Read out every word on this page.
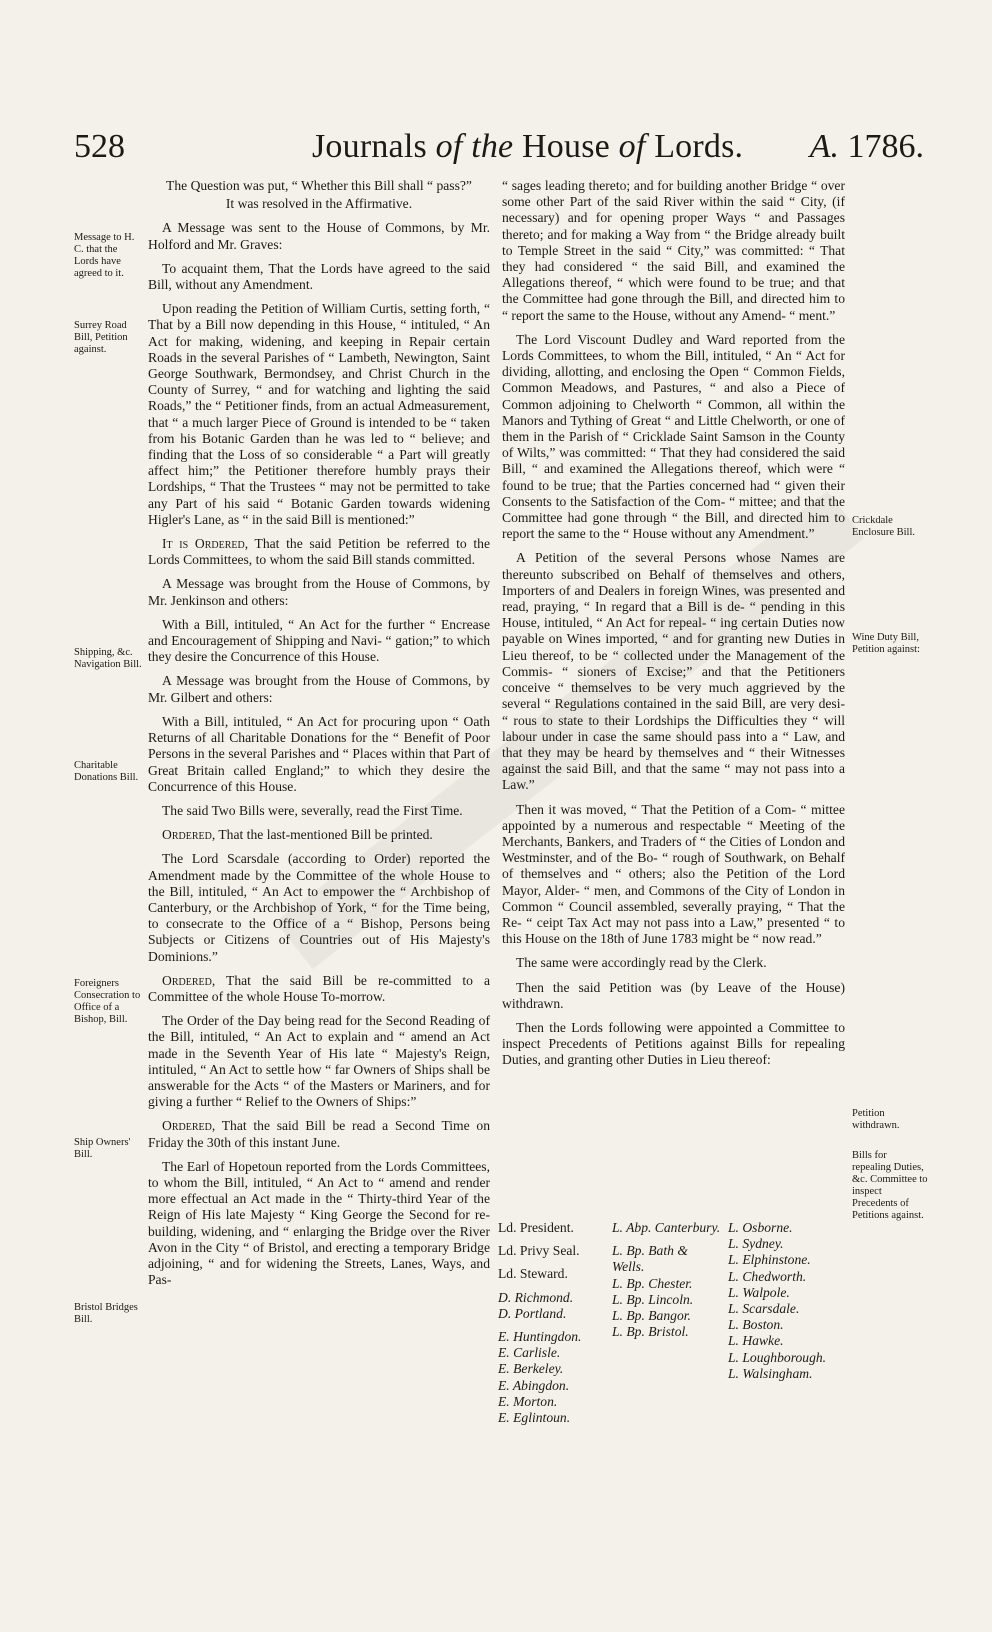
528	Journals of the House of Lords. A. 1786.
Message to H. C. that the Lords have agreed to it.
Surrey Road Bill, Petition against.
Shipping, &c. Navigation Bill.
Charitable Donations Bill.
Foreigners Consecration to Office of a Bishop, Bill.
Ship Owners' Bill.
Bristol Bridges Bill.
Crickdale Enclosure Bill.
Wine Duty Bill, Petition against:
Petition withdrawn.
Bills for repealing Duties, &c. Committee to inspect Precedents of Petitions against.

The Question was put, “ Whether this Bill shall “ pass?”

It was resolved in the Affirmative.

A Message was sent to the House of Commons, by Mr. Holford and Mr. Graves:

To acquaint them, That the Lords have agreed to the said Bill, without any Amendment.

Upon reading the Petition of William Curtis, setting forth, “ That by a Bill now depending in this House, “ intituled, “ An Act for making, widening, and keeping in Repair certain Roads in the several Parishes of “ Lambeth, Newington, Saint George Southwark, Bermondsey, and Christ Church in the County of Surrey, “ and for watching and lighting the said Roads,” the “ Petitioner finds, from an actual Admeasurement, that “ a much larger Piece of Ground is intended to be “ taken from his Botanic Garden than he was led to “ believe; and finding that the Loss of so considerable “ a Part will greatly affect him;” the Petitioner therefore humbly prays their Lordships, “ That the Trustees “ may not be permitted to take any Part of his said “ Botanic Garden towards widening Higler's Lane, as “ in the said Bill is mentioned:”

It is Ordered, That the said Petition be referred to the Lords Committees, to whom the said Bill stands committed.

A Message was brought from the House of Commons, by Mr. Jenkinson and others:

With a Bill, intituled, “ An Act for the further “ Encrease and Encouragement of Shipping and Navi- “ gation;” to which they desire the Concurrence of this House.

A Message was brought from the House of Commons, by Mr. Gilbert and others:

With a Bill, intituled, “ An Act for procuring upon “ Oath Returns of all Charitable Donations for the “ Benefit of Poor Persons in the several Parishes and “ Places within that Part of Great Britain called England;” to which they desire the Concurrence of this House.

The said Two Bills were, severally, read the First Time.

Ordered, That the last-mentioned Bill be printed.

The Lord Scarsdale (according to Order) reported the Amendment made by the Committee of the whole House to the Bill, intituled, “ An Act to empower the “ Archbishop of Canterbury, or the Archbishop of York, “ for the Time being, to consecrate to the Office of a “ Bishop, Persons being Subjects or Citizens of Countries out of His Majesty's Dominions.”

Ordered, That the said Bill be re-committed to a Committee of the whole House To-morrow.

The Order of the Day being read for the Second Reading of the Bill, intituled, “ An Act to explain and “ amend an Act made in the Seventh Year of His late “ Majesty's Reign, intituled, “ An Act to settle how “ far Owners of Ships shall be answerable for the Acts “ of the Masters or Mariners, and for giving a further “ Relief to the Owners of Ships:”

Ordered, That the said Bill be read a Second Time on Friday the 30th of this instant June.

The Earl of Hopetoun reported from the Lords Committees, to whom the Bill, intituled, “ An Act to “ amend and render more effectual an Act made in the “ Thirty-third Year of the Reign of His late Majesty “ King George the Second for re-building, widening, and “ enlarging the Bridge over the River Avon in the City “ of Bristol, and erecting a temporary Bridge adjoining, “ and for widening the Streets, Lanes, Ways, and Pas-

“ sages leading thereto; and for building another Bridge “ over some other Part of the said River within the said “ City, (if necessary) and for opening proper Ways “ and Passages thereto; and for making a Way from “ the Bridge already built to Temple Street in the said “ City,” was committed: “ That they had considered “ the said Bill, and examined the Allegations thereof, “ which were found to be true; and that the Committee had gone through the Bill, and directed him to “ report the same to the House, without any Amend- “ ment.”

The Lord Viscount Dudley and Ward reported from the Lords Committees, to whom the Bill, intituled, “ An “ Act for dividing, allotting, and enclosing the Open “ Common Fields, Common Meadows, and Pastures, “ and also a Piece of Common adjoining to Chelworth “ Common, all within the Manors and Tything of Great “ and Little Chelworth, or one of them in the Parish of “ Cricklade Saint Samson in the County of Wilts,” was committed: “ That they had considered the said Bill, “ and examined the Allegations thereof, which were “ found to be true; that the Parties concerned had “ given their Consents to the Satisfaction of the Com- “ mittee; and that the Committee had gone through “ the Bill, and directed him to report the same to the “ House without any Amendment.”

A Petition of the several Persons whose Names are thereunto subscribed on Behalf of themselves and others, Importers of and Dealers in foreign Wines, was presented and read, praying, “ In regard that a Bill is de- “ pending in this House, intituled, “ An Act for repeal- “ ing certain Duties now payable on Wines imported, “ and for granting new Duties in Lieu thereof, to be “ collected under the Management of the Commis- “ sioners of Excise;” and that the Petitioners conceive “ themselves to be very much aggrieved by the several “ Regulations contained in the said Bill, are very desi- “ rous to state to their Lordships the Difficulties they “ will labour under in case the same should pass into a “ Law, and that they may be heard by themselves and “ their Witnesses against the said Bill, and that the same “ may not pass into a Law.”

Then it was moved, “ That the Petition of a Com- “ mittee appointed by a numerous and respectable “ Meeting of the Merchants, Bankers, and Traders of “ the Cities of London and Westminster, and of the Bo- “ rough of Southwark, on Behalf of themselves and “ others; also the Petition of the Lord Mayor, Alder- “ men, and Commons of the City of London in Common “ Council assembled, severally praying, “ That the Re- “ ceipt Tax Act may not pass into a Law,” presented “ to this House on the 18th of June 1783 might be “ now read.”

The same were accordingly read by the Clerk.

Then the said Petition was (by Leave of the House) withdrawn.

Then the Lords following were appointed a Committee to inspect Precedents of Petitions against Bills for repealing Duties, and granting other Duties in Lieu thereof:

Ld. President.
Ld. Privy Seal.
Ld. Steward.
D. Richmond.
D. Portland.
E. Huntingdon.
E. Carlisle.
E. Berkeley.
E. Abingdon.
E. Morton.
E. Eglintoun.
L. Abp. Canterbury.
L. Bp. Bath & Wells.
L. Bp. Chester.
L. Bp. Lincoln.
L. Bp. Bangor.
L. Bp. Bristol.
L. Osborne.
L. Sydney.
L. Elphinstone.
L. Chedworth.
L. Walpole.
L. Scarsdale.
L. Boston.
L. Hawke.
L. Loughborough.
L. Walsingham.
